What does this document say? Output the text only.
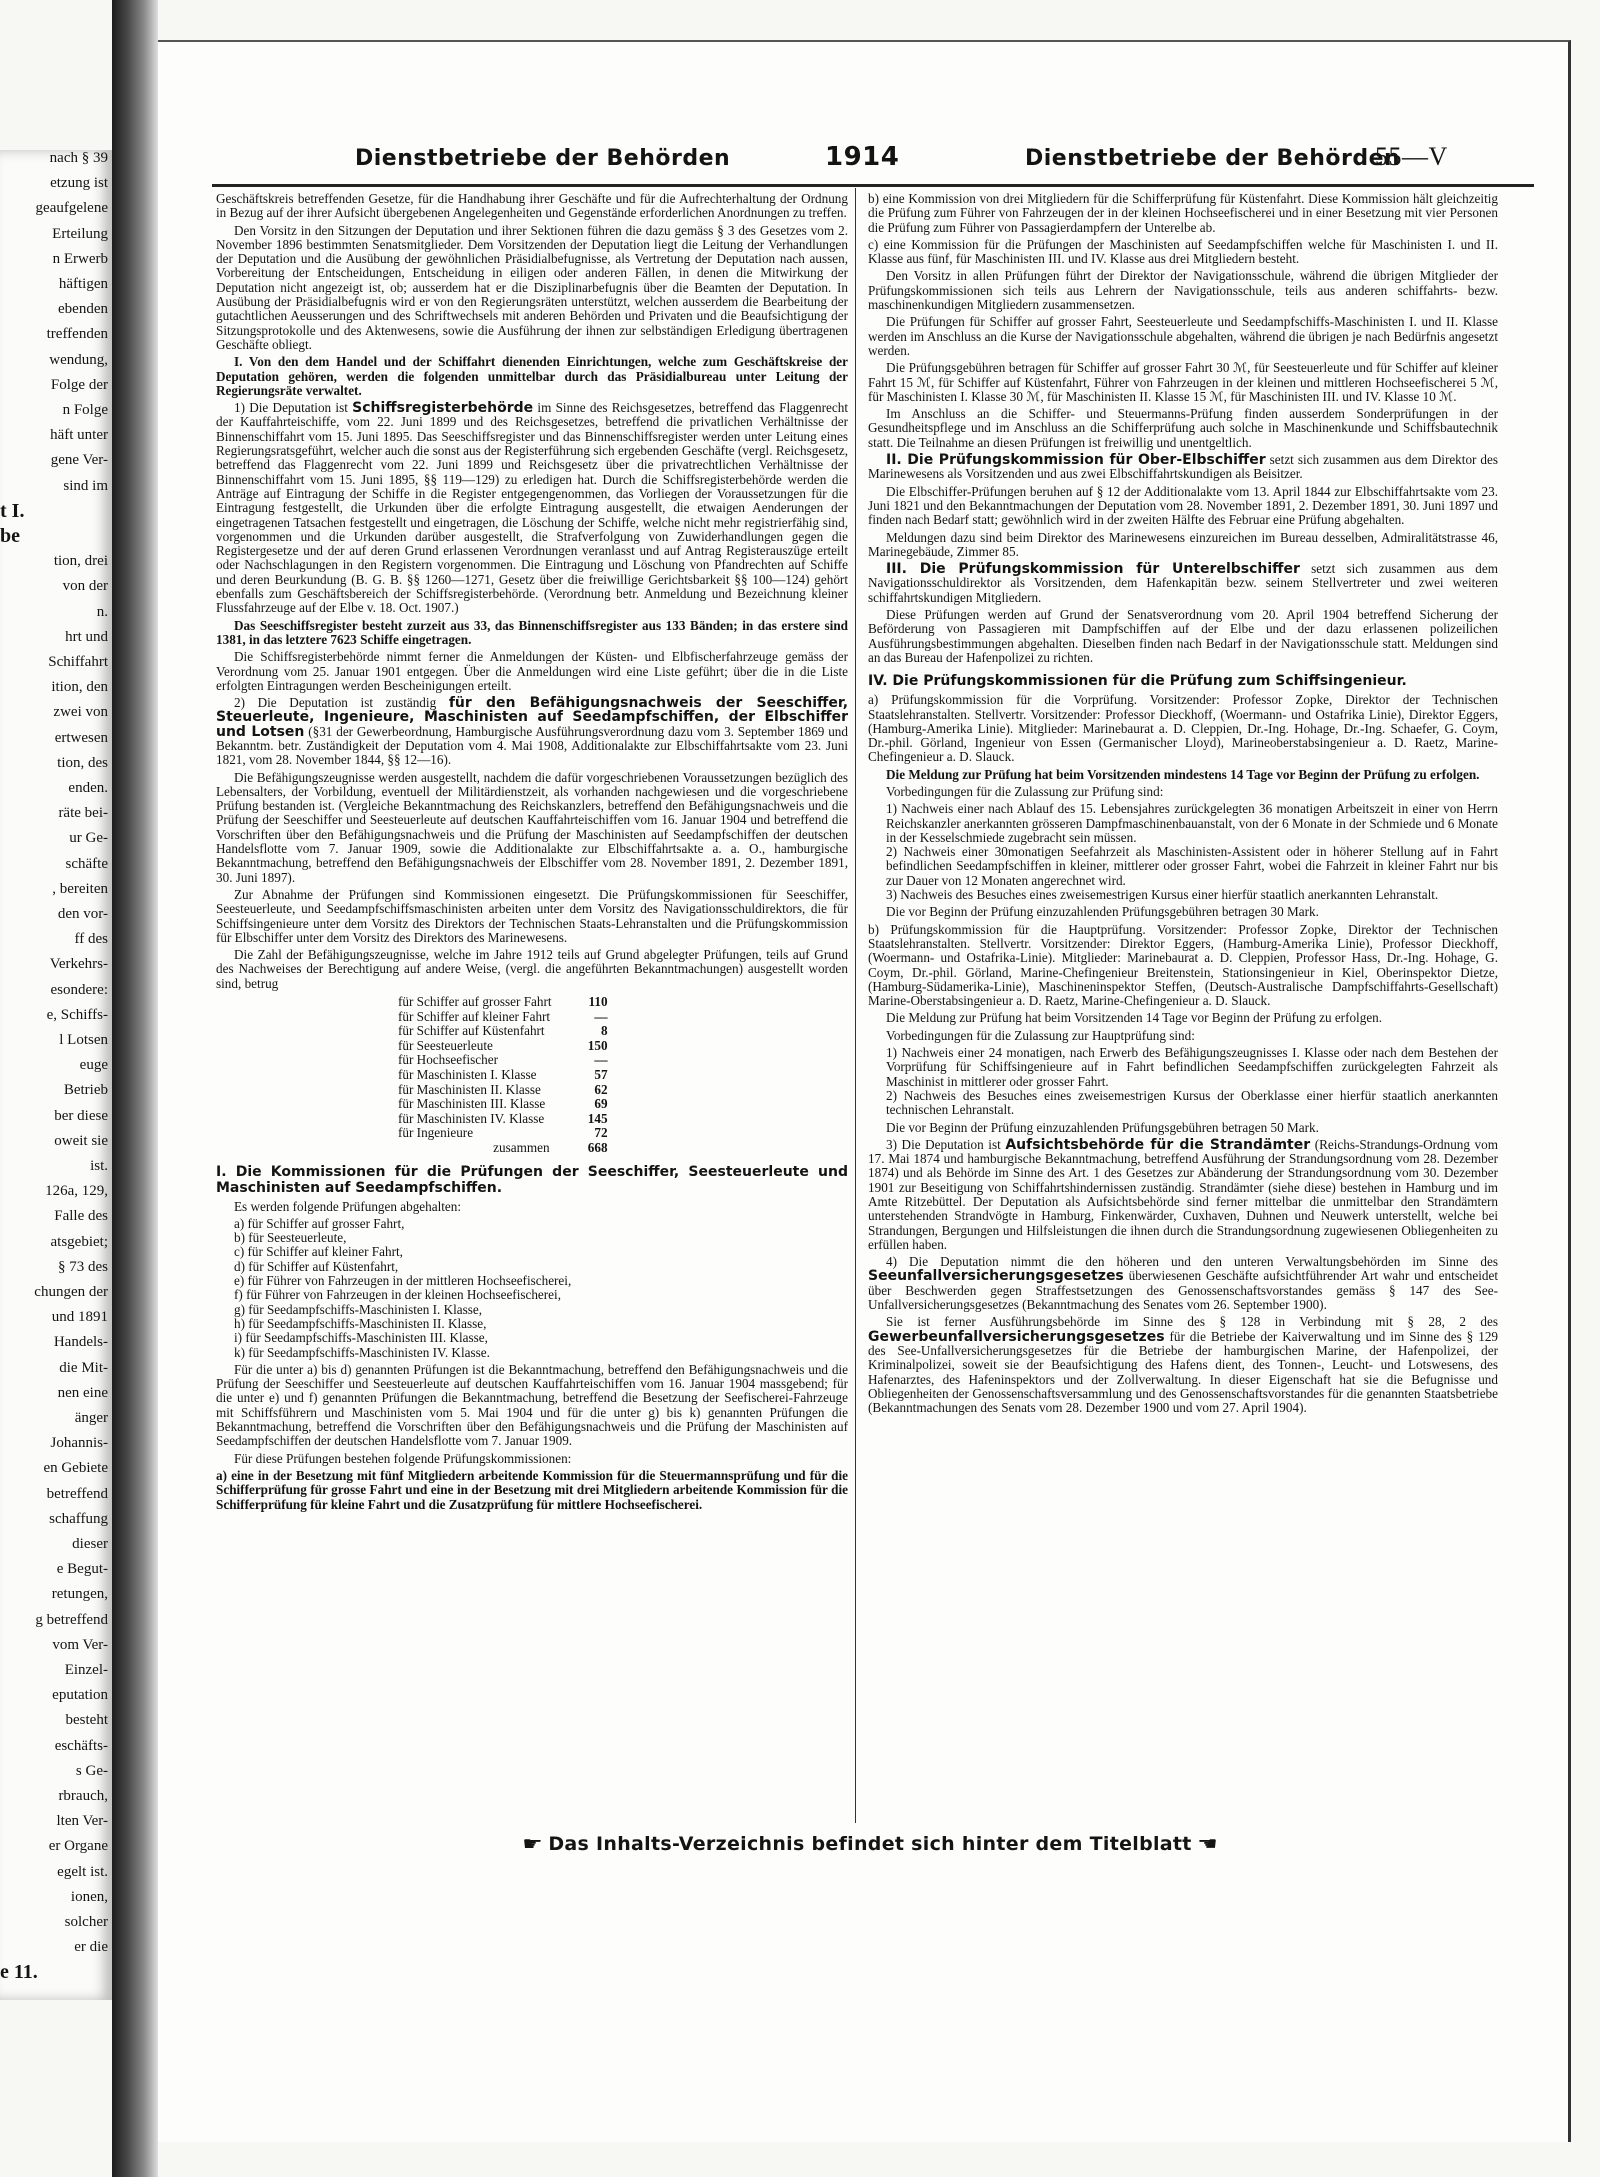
nach § 39
etzung ist
geaufgelene
Erteilung
n Erwerb
häftigen
ebenden
treffenden
wendung,
Folge der
n Folge
häft unter
gene Ver-
sind im
t I.
be
tion, drei
von der
n.
hrt und
Schiffahrt
ition, den
zwei von
ertwesen
tion, des
enden.
räte bei-
ur Ge-
schäfte
, bereiten
den vor-
ff des
Verkehrs-
esondere:
e, Schiffs-
l Lotsen
euge
Betrieb
ber diese
oweit sie
ist.
126a, 129,
Falle des
atsgebiet;
§ 73 des
chungen der
und 1891
Handels-
die Mit-
nen eine
änger
Johannis-
en Gebiete
betreffend
schaffung
dieser
e Begut-
retungen,
g betreffend
vom Ver-
Einzel-
eputation
besteht
eschäfts-
s Ge-
rbrauch,
lten Ver-
er Organe
egelt ist.
ionen,
solcher
er die
e 11.
Dienstbetriebe der Behörden	1914	Dienstbetriebe der Behörden
55—V

Geschäftskreis betreffenden Gesetze, für die Handhabung ihrer Geschäfte und für die Aufrechterhaltung der Ordnung in Bezug auf der ihrer Aufsicht übergebenen Angelegenheiten und Gegenstände erforderlichen Anordnungen zu treffen.

Den Vorsitz in den Sitzungen der Deputation und ihrer Sektionen führen die dazu gemäss § 3 des Gesetzes vom 2. November 1896 bestimmten Senatsmitglieder. Dem Vorsitzenden der Deputation liegt die Leitung der Verhandlungen der Deputation und die Ausübung der gewöhnlichen Präsidialbefugnisse, als Vertretung der Deputation nach aussen, Vorbereitung der Entscheidungen, Entscheidung in eiligen oder anderen Fällen, in denen die Mitwirkung der Deputation nicht angezeigt ist, ob; ausserdem hat er die Disziplinarbefugnis über die Beamten der Deputation. In Ausübung der Präsidialbefugnis wird er von den Regierungsräten unterstützt, welchen ausserdem die Bearbeitung der gutachtlichen Aeusserungen und des Schriftwechsels mit anderen Behörden und Privaten und die Beaufsichtigung der Sitzungsprotokolle und des Aktenwesens, sowie die Ausführung der ihnen zur selbständigen Erledigung übertragenen Geschäfte obliegt.

I. Von den dem Handel und der Schiffahrt dienenden Einrichtungen, welche zum Geschäftskreise der Deputation gehören, werden die folgenden unmittelbar durch das Präsidialbureau unter Leitung der Regierungsräte verwaltet.

1) Die Deputation ist Schiffsregisterbehörde im Sinne des Reichsgesetzes, betreffend das Flaggenrecht der Kauffahrteischiffe, vom 22. Juni 1899 und des Reichsgesetzes, betreffend die privatlichen Verhältnisse der Binnenschiffahrt vom 15. Juni 1895. Das Seeschiffsregister und das Binnenschiffsregister werden unter Leitung eines Regierungsratsgeführt, welcher auch die sonst aus der Registerführung sich ergebenden Geschäfte (vergl. Reichsgesetz, betreffend das Flaggenrecht vom 22. Juni 1899 und Reichsgesetz über die privatrechtlichen Verhältnisse der Binnenschiffahrt vom 15. Juni 1895, §§ 119—129) zu erledigen hat. Durch die Schiffsregisterbehörde werden die Anträge auf Eintragung der Schiffe in die Register entgegengenommen, das Vorliegen der Voraussetzungen für die Eintragung festgestellt, die Urkunden über die erfolgte Eintragung ausgestellt, die etwaigen Aenderungen der eingetragenen Tatsachen festgestellt und eingetragen, die Löschung der Schiffe, welche nicht mehr registrierfähig sind, vorgenommen und die Urkunden darüber ausgestellt, die Strafverfolgung von Zuwiderhandlungen gegen die Registergesetze und der auf deren Grund erlassenen Verordnungen veranlasst und auf Antrag Registerauszüge erteilt oder Nachschlagungen in den Registern vorgenommen. Die Eintragung und Löschung von Pfandrechten auf Schiffe und deren Beurkundung (B. G. B. §§ 1260—1271, Gesetz über die freiwillige Gerichtsbarkeit §§ 100—124) gehört ebenfalls zum Geschäftsbereich der Schiffsregisterbehörde. (Verordnung betr. Anmeldung und Bezeichnung kleiner Flussfahrzeuge auf der Elbe v. 18. Oct. 1907.)

Das Seeschiffsregister besteht zurzeit aus 33, das Binnenschiffsregister aus 133 Bänden; in das erstere sind 1381, in das letztere 7623 Schiffe eingetragen.

Die Schiffsregisterbehörde nimmt ferner die Anmeldungen der Küsten- und Elbfischerfahrzeuge gemäss der Verordnung vom 25. Januar 1901 entgegen. Über die Anmeldungen wird eine Liste geführt; über die in die Liste erfolgten Eintragungen werden Bescheinigungen erteilt.

2) Die Deputation ist zuständig für den Befähigungsnachweis der Seeschiffer, Steuerleute, Ingenieure, Maschinisten auf Seedampfschiffen, der Elbschiffer und Lotsen (§31 der Gewerbeordnung, Hamburgische Ausführungsverordnung dazu vom 3. September 1869 und Bekanntm. betr. Zuständigkeit der Deputation vom 4. Mai 1908, Additionalakte zur Elbschiffahrtsakte vom 23. Juni 1821, vom 28. November 1844, §§ 12—16).

Die Befähigungszeugnisse werden ausgestellt, nachdem die dafür vorgeschriebenen Voraussetzungen bezüglich des Lebensalters, der Vorbildung, eventuell der Militärdienstzeit, als vorhanden nachgewiesen und die vorgeschriebene Prüfung bestanden ist. (Vergleiche Bekanntmachung des Reichskanzlers, betreffend den Befähigungsnachweis und die Prüfung der Seeschiffer und Seesteuerleute auf deutschen Kauffahrteischiffen vom 16. Januar 1904 und betreffend die Vorschriften über den Befähigungsnachweis und die Prüfung der Maschinisten auf Seedampfschiffen der deutschen Handelsflotte vom 7. Januar 1909, sowie die Additionalakte zur Elbschiffahrtsakte a. a. O., hamburgische Bekanntmachung, betreffend den Befähigungsnachweis der Elbschiffer vom 28. November 1891, 2. Dezember 1891, 30. Juni 1897).

Zur Abnahme der Prüfungen sind Kommissionen eingesetzt. Die Prüfungskommissionen für Seeschiffer, Seesteuerleute, und Seedampfschiffsmaschinisten arbeiten unter dem Vorsitz des Navigationsschuldirektors, die für Schiffsingenieure unter dem Vorsitz des Direktors der Technischen Staats-Lehranstalten und die Prüfungskommission für Elbschiffer unter dem Vorsitz des Direktors des Marinewesens.

Die Zahl der Befähigungszeugnisse, welche im Jahre 1912 teils auf Grund abgelegter Prüfungen, teils auf Grund des Nachweises der Berechtigung auf andere Weise, (vergl. die angeführten Bekanntmachungen) ausgestellt worden sind, betrug

für Schiffer auf grosser Fahrt	110
für Schiffer auf kleiner Fahrt	—
für Schiffer auf Küstenfahrt	8
für Seesteuerleute	150
für Hochseefischer	—
für Maschinisten I. Klasse	57
für Maschinisten II. Klasse	62
für Maschinisten III. Klasse	69
für Maschinisten IV. Klasse	145
für Ingenieure	72
zusammen	668
I. Die Kommissionen für die Prüfungen der Seeschiffer, Seesteuerleute und Maschinisten auf Seedampfschiffen.

Es werden folgende Prüfungen abgehalten:

a) für Schiffer auf grosser Fahrt,
b) für Seesteuerleute,
c) für Schiffer auf kleiner Fahrt,
d) für Schiffer auf Küstenfahrt,
e) für Führer von Fahrzeugen in der mittleren Hochseefischerei,
f) für Führer von Fahrzeugen in der kleinen Hochseefischerei,
g) für Seedampfschiffs-Maschinisten I. Klasse,
h) für Seedampfschiffs-Maschinisten II. Klasse,
i) für Seedampfschiffs-Maschinisten III. Klasse,
k) für Seedampfschiffs-Maschinisten IV. Klasse.

Für die unter a) bis d) genannten Prüfungen ist die Bekanntmachung, betreffend den Befähigungsnachweis und die Prüfung der Seeschiffer und Seesteuerleute auf deutschen Kauffahrteischiffen vom 16. Januar 1904 massgebend; für die unter e) und f) genannten Prüfungen die Bekanntmachung, betreffend die Besetzung der Seefischerei-Fahrzeuge mit Schiffsführern und Maschinisten vom 5. Mai 1904 und für die unter g) bis k) genannten Prüfungen die Bekanntmachung, betreffend die Vorschriften über den Befähigungsnachweis und die Prüfung der Maschinisten auf Seedampfschiffen der deutschen Handelsflotte vom 7. Januar 1909.

Für diese Prüfungen bestehen folgende Prüfungskommissionen:

a) eine in der Besetzung mit fünf Mitgliedern arbeitende Kommission für die Steuermannsprüfung und für die Schifferprüfung für grosse Fahrt und eine in der Besetzung mit drei Mitgliedern arbeitende Kommission für die Schifferprüfung für kleine Fahrt und die Zusatzprüfung für mittlere Hochseefischerei.

b) eine Kommission von drei Mitgliedern für die Schifferprüfung für Küstenfahrt. Diese Kommission hält gleichzeitig die Prüfung zum Führer von Fahrzeugen der in der kleinen Hochseefischerei und in einer Besetzung mit vier Personen die Prüfung zum Führer von Passagierdampfern der Unterelbe ab.

c) eine Kommission für die Prüfungen der Maschinisten auf Seedampfschiffen welche für Maschinisten I. und II. Klasse aus fünf, für Maschinisten III. und IV. Klasse aus drei Mitgliedern besteht.

Den Vorsitz in allen Prüfungen führt der Direktor der Navigationsschule, während die übrigen Mitglieder der Prüfungskommissionen sich teils aus Lehrern der Navigationsschule, teils aus anderen schiffahrts- bezw. maschinenkundigen Mitgliedern zusammensetzen.

Die Prüfungen für Schiffer auf grosser Fahrt, Seesteuerleute und Seedampfschiffs-Maschinisten I. und II. Klasse werden im Anschluss an die Kurse der Navigationsschule abgehalten, während die übrigen je nach Bedürfnis angesetzt werden.

Die Prüfungsgebühren betragen für Schiffer auf grosser Fahrt 30 ℳ, für Seesteuerleute und für Schiffer auf kleiner Fahrt 15 ℳ, für Schiffer auf Küstenfahrt, Führer von Fahrzeugen in der kleinen und mittleren Hochseefischerei 5 ℳ, für Maschinisten I. Klasse 30 ℳ, für Maschinisten II. Klasse 15 ℳ, für Maschinisten III. und IV. Klasse 10 ℳ.

Im Anschluss an die Schiffer- und Steuermanns-Prüfung finden ausserdem Sonderprüfungen in der Gesundheitspflege und im Anschluss an die Schifferprüfung auch solche in Maschinenkunde und Schiffsbautechnik statt. Die Teilnahme an diesen Prüfungen ist freiwillig und unentgeltlich.

II. Die Prüfungskommission für Ober-Elbschiffer setzt sich zusammen aus dem Direktor des Marinewesens als Vorsitzenden und aus zwei Elbschiffahrtskundigen als Beisitzer.

Die Elbschiffer-Prüfungen beruhen auf § 12 der Additionalakte vom 13. April 1844 zur Elbschiffahrtsakte vom 23. Juni 1821 und den Bekanntmachungen der Deputation vom 28. November 1891, 2. Dezember 1891, 30. Juni 1897 und finden nach Bedarf statt; gewöhnlich wird in der zweiten Hälfte des Februar eine Prüfung abgehalten.

Meldungen dazu sind beim Direktor des Marinewesens einzureichen im Bureau desselben, Admiralitätstrasse 46, Marinegebäude, Zimmer 85.

III. Die Prüfungskommission für Unterelbschiffer setzt sich zusammen aus dem Navigationsschuldirektor als Vorsitzenden, dem Hafenkapitän bezw. seinem Stellvertreter und zwei weiteren schiffahrtskundigen Mitgliedern.

Diese Prüfungen werden auf Grund der Senatsverordnung vom 20. April 1904 betreffend Sicherung der Beförderung von Passagieren mit Dampfschiffen auf der Elbe und der dazu erlassenen polizeilichen Ausführungsbestimmungen abgehalten. Dieselben finden nach Bedarf in der Navigationsschule statt. Meldungen sind an das Bureau der Hafenpolizei zu richten.

IV. Die Prüfungskommissionen für die Prüfung zum Schiffsingenieur.

a) Prüfungskommission für die Vorprüfung. Vorsitzender: Professor Zopke, Direktor der Technischen Staatslehranstalten. Stellvertr. Vorsitzender: Professor Dieckhoff, (Woermann- und Ostafrika Linie), Direktor Eggers, (Hamburg-Amerika Linie). Mitglieder: Marinebaurat a. D. Cleppien, Dr.-Ing. Hohage, Dr.-Ing. Schaefer, G. Coym, Dr.-phil. Görland, Ingenieur von Essen (Germanischer Lloyd), Marineoberstabsingenieur a. D. Raetz, Marine-Chefingenieur a. D. Slauck.

Die Meldung zur Prüfung hat beim Vorsitzenden mindestens 14 Tage vor Beginn der Prüfung zu erfolgen.

Vorbedingungen für die Zulassung zur Prüfung sind:

1) Nachweis einer nach Ablauf des 15. Lebensjahres zurückgelegten 36 monatigen Arbeitszeit in einer von Herrn Reichskanzler anerkannten grösseren Dampfmaschinenbauanstalt, von der 6 Monate in der Schmiede und 6 Monate in der Kesselschmiede zugebracht sein müssen.
2) Nachweis einer 30monatigen Seefahrzeit als Maschinisten-Assistent oder in höherer Stellung auf in Fahrt befindlichen Seedampfschiffen in kleiner, mittlerer oder grosser Fahrt, wobei die Fahrzeit in kleiner Fahrt nur bis zur Dauer von 12 Monaten angerechnet wird.
3) Nachweis des Besuches eines zweisemestrigen Kursus einer hierfür staatlich anerkannten Lehranstalt.

Die vor Beginn der Prüfung einzuzahlenden Prüfungsgebühren betragen 30 Mark.

b) Prüfungskommission für die Hauptprüfung. Vorsitzender: Professor Zopke, Direktor der Technischen Staatslehranstalten. Stellvertr. Vorsitzender: Direktor Eggers, (Hamburg-Amerika Linie), Professor Dieckhoff, (Woermann- und Ostafrika-Linie). Mitglieder: Marinebaurat a. D. Cleppien, Professor Hass, Dr.-Ing. Hohage, G. Coym, Dr.-phil. Görland, Marine-Chefingenieur Breitenstein, Stationsingenieur in Kiel, Oberinspektor Dietze, (Hamburg-Südamerika-Linie), Maschineninspektor Steffen, (Deutsch-Australische Dampfschiffahrts-Gesellschaft) Marine-Oberstabsingenieur a. D. Raetz, Marine-Chefingenieur a. D. Slauck.

Die Meldung zur Prüfung hat beim Vorsitzenden 14 Tage vor Beginn der Prüfung zu erfolgen.

Vorbedingungen für die Zulassung zur Hauptprüfung sind:

1) Nachweis einer 24 monatigen, nach Erwerb des Befähigungszeugnisses I. Klasse oder nach dem Bestehen der Vorprüfung für Schiffsingenieure auf in Fahrt befindlichen Seedampfschiffen zurückgelegten Fahrzeit als Maschinist in mittlerer oder grosser Fahrt.
2) Nachweis des Besuches eines zweisemestrigen Kursus der Oberklasse einer hierfür staatlich anerkannten technischen Lehranstalt.

Die vor Beginn der Prüfung einzuzahlenden Prüfungsgebühren betragen 50 Mark.

3) Die Deputation ist Aufsichtsbehörde für die Strandämter (Reichs-Strandungs-Ordnung vom 17. Mai 1874 und hamburgische Bekanntmachung, betreffend Ausführung der Strandungsordnung vom 28. Dezember 1874) und als Behörde im Sinne des Art. 1 des Gesetzes zur Abänderung der Strandungsordnung vom 30. Dezember 1901 zur Beseitigung von Schiffahrtshindernissen zuständig. Strandämter (siehe diese) bestehen in Hamburg und im Amte Ritzebüttel. Der Deputation als Aufsichtsbehörde sind ferner mittelbar die unmittelbar den Strandämtern unterstehenden Strandvögte in Hamburg, Finkenwärder, Cuxhaven, Duhnen und Neuwerk unterstellt, welche bei Strandungen, Bergungen und Hilfsleistungen die ihnen durch die Strandungsordnung zugewiesenen Obliegenheiten zu erfüllen haben.

4) Die Deputation nimmt die den höheren und den unteren Verwaltungsbehörden im Sinne des Seeunfallversicherungsgesetzes überwiesenen Geschäfte aufsichtführender Art wahr und entscheidet über Beschwerden gegen Straffestsetzungen des Genossenschaftsvorstandes gemäss § 147 des See-Unfallversicherungsgesetzes (Bekanntmachung des Senates vom 26. September 1900).

Sie ist ferner Ausführungsbehörde im Sinne des § 128 in Verbindung mit § 28, 2 des Gewerbeunfallversicherungsgesetzes für die Betriebe der Kaiverwaltung und im Sinne des § 129 des See-Unfallversicherungsgesetzes für die Betriebe der hamburgischen Marine, der Hafenpolizei, der Kriminalpolizei, soweit sie der Beaufsichtigung des Hafens dient, des Tonnen-, Leucht- und Lotswesens, des Hafenarztes, des Hafeninspektors und der Zollverwaltung. In dieser Eigenschaft hat sie die Befugnisse und Obliegenheiten der Genossenschaftsversammlung und des Genossenschaftsvorstandes für die genannten Staatsbetriebe (Bekanntmachungen des Senats vom 28. Dezember 1900 und vom 27. April 1904).

☛ Das Inhalts-Verzeichnis befindet sich hinter dem Titelblatt ☚
